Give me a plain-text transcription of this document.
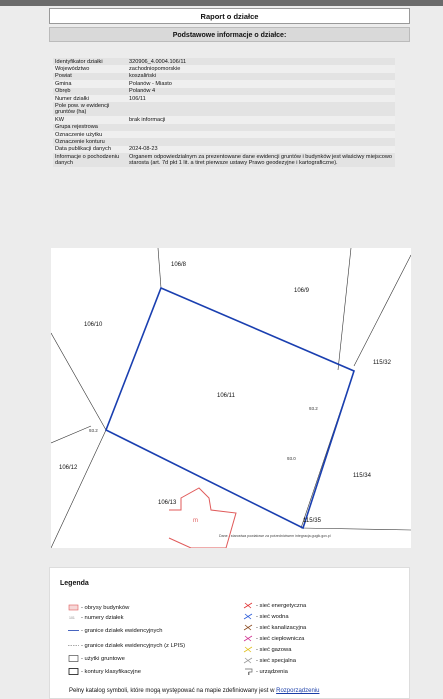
Raport o działce
Podstawowe informacje o działce:
Identyfikator działki	320906_4.0004.106/11
Województwo	zachodniopomorskie
Powiat	koszaliński
Gmina	Polanów - Miasto
Obręb	Polanów 4
Numer działki	106/11
Pole pow. w ewidencji gruntów (ha)	
KW	brak informacji
Grupa rejestrowa	
Oznaczenie użytku	
Oznaczenie konturu	
Data publikacji danych	2024-08-23
Informacje o pochodzeniu danych	Organem odpowiedzialnym za prezentowane dane ewidencji gruntów i budynków jest właściwy miejscowo starosta (art. 7d pkt 1 lit. a tiret pierwsze ustawy Prawo geodezyjne i kartograficzne).
106/8
106/9
106/10
106/11
115/32
106/12
115/34
106/13
115/35
93.2
93.0
93.2
m
Dane - starostwa powiatowe za pośrednictwem integracja.gugik.gov.pl
Legenda
- obrysy budynków
101 - numery działek
- granice działek ewidencyjnych
- granice działek ewidencyjnych (z LPIS)
- użytki gruntowe
- kontury klasyfikacyjne
- sieć energetyczna
- sieć wodna
- sieć kanalizacyjna
- sieć ciepłownicza
- sieć gazowa
- sieć specjalna
- urządzenia
Pełny katalog symboli, które mogą występować na mapie zdefiniowany jest w Rozporządzeniu
